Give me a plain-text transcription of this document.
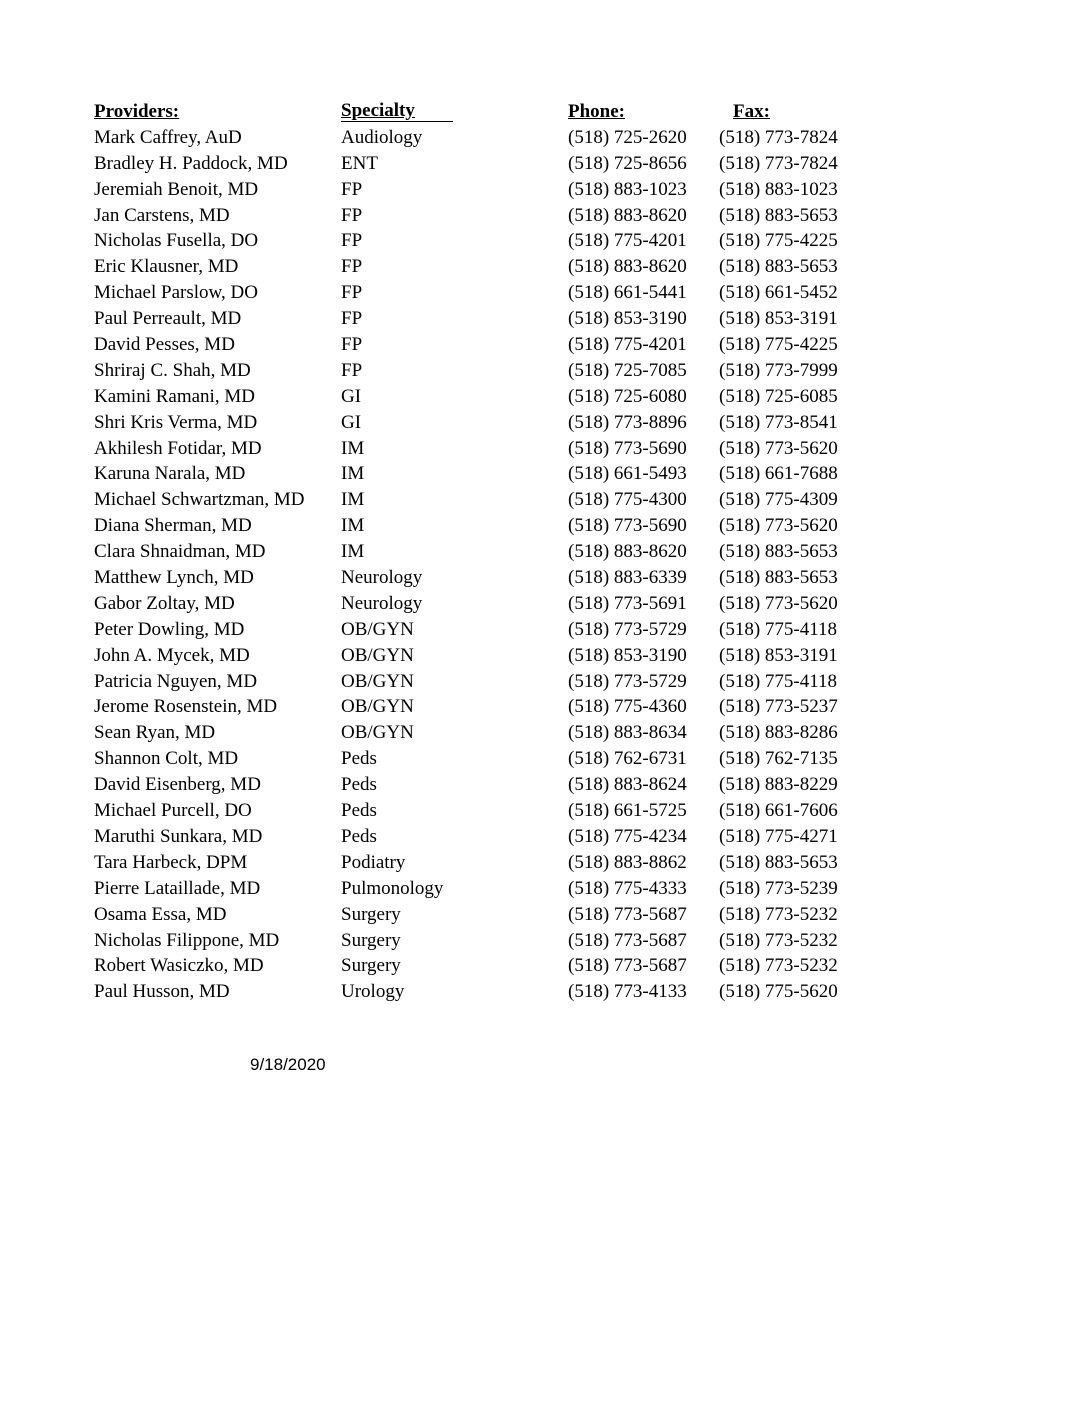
Providers:	Specialty	Phone:	Fax:
Mark Caffrey, AuD	Audiology	(518) 725-2620 (518) 773-7824
Bradley H. Paddock, MD	ENT	(518) 725-8656 (518) 773-7824
Jeremiah Benoit, MD	FP	(518) 883-1023 (518) 883-1023
Jan Carstens, MD	FP	(518) 883-8620 (518) 883-5653
Nicholas Fusella, DO	FP	(518) 775-4201 (518) 775-4225
Eric Klausner, MD	FP	(518) 883-8620 (518) 883-5653
Michael Parslow, DO	FP	(518) 661-5441 (518) 661-5452
Paul Perreault, MD	FP	(518) 853-3190 (518) 853-3191
David Pesses, MD	FP	(518) 775-4201 (518) 775-4225
Shriraj C. Shah, MD	FP	(518) 725-7085 (518) 773-7999
Kamini Ramani, MD	GI	(518) 725-6080 (518) 725-6085
Shri Kris Verma, MD	GI	(518) 773-8896 (518) 773-8541
Akhilesh Fotidar, MD	IM	(518) 773-5690 (518) 773-5620
Karuna Narala, MD	IM	(518) 661-5493 (518) 661-7688
Michael Schwartzman, MD IM	(518) 775-4300 (518) 775-4309
Diana Sherman, MD	IM	(518) 773-5690 (518) 773-5620
Clara Shnaidman, MD	IM	(518) 883-8620 (518) 883-5653
Matthew Lynch, MD	Neurology	(518) 883-6339 (518) 883-5653
Gabor Zoltay, MD	Neurology	(518) 773-5691 (518) 773-5620
Peter Dowling, MD	OB/GYN	(518) 773-5729 (518) 775-4118
John A. Mycek, MD	OB/GYN	(518) 853-3190 (518) 853-3191
Patricia Nguyen, MD	OB/GYN	(518) 773-5729 (518) 775-4118
Jerome Rosenstein, MD	OB/GYN	(518) 775-4360 (518) 773-5237
Sean Ryan, MD	OB/GYN	(518) 883-8634 (518) 883-8286
Shannon Colt, MD	Peds	(518) 762-6731 (518) 762-7135
David Eisenberg, MD	Peds	(518) 883-8624 (518) 883-8229
Michael Purcell, DO	Peds	(518) 661-5725 (518) 661-7606
Maruthi Sunkara, MD	Peds	(518) 775-4234 (518) 775-4271
Tara Harbeck, DPM	Podiatry	(518) 883-8862 (518) 883-5653
Pierre Lataillade, MD	Pulmonology	(518) 775-4333 (518) 773-5239
Osama Essa, MD	Surgery	(518) 773-5687 (518) 773-5232
Nicholas Filippone, MD	Surgery	(518) 773-5687 (518) 773-5232
Robert Wasiczko, MD	Surgery	(518) 773-5687 (518) 773-5232
Paul Husson, MD	Urology	(518) 773-4133 (518) 775-5620
9/18/2020
